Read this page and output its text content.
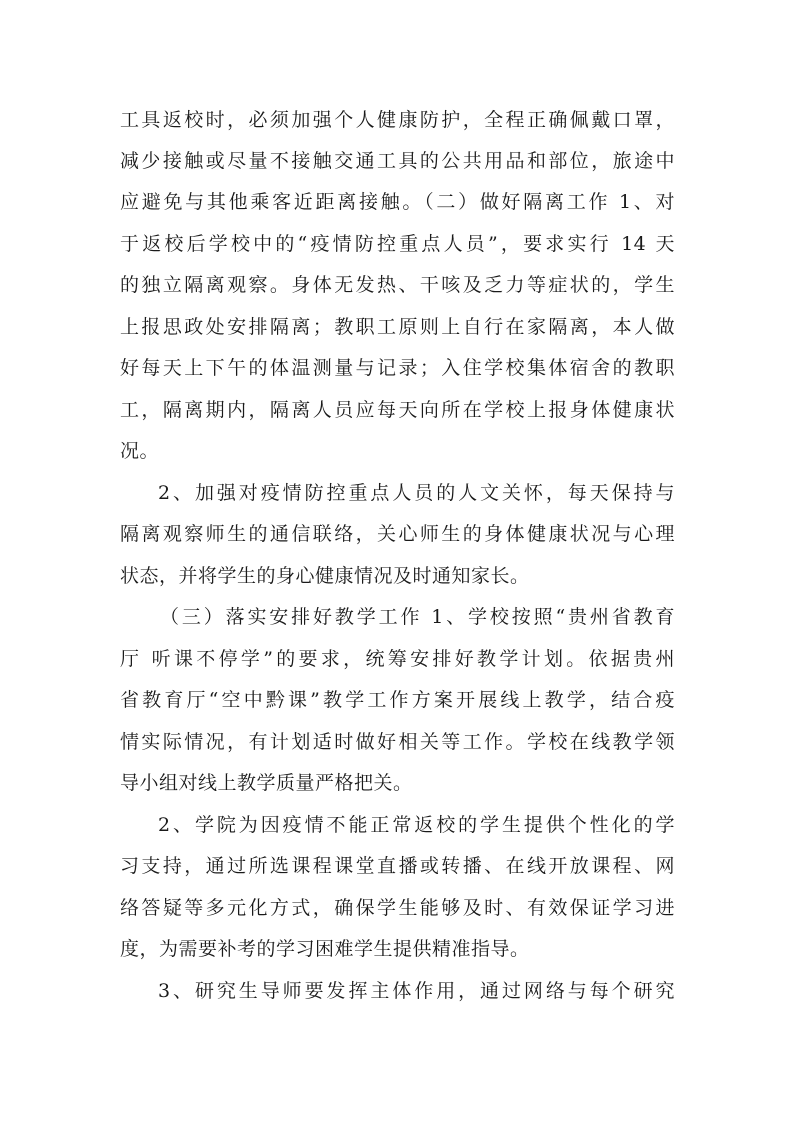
工具返校时，必须加强个人健康防护，全程正确佩戴口罩，
减少接触或尽量不接触交通工具的公共用品和部位，旅途中
应避免与其他乘客近距离接触。（二）做好隔离工作 1、对
于返校后学校中的“疫情防控重点人员”，要求实行 14 天
的独立隔离观察。身体无发热、干咳及乏力等症状的，学生
上报思政处安排隔离；教职工原则上自行在家隔离，本人做
好每天上下午的体温测量与记录；入住学校集体宿舍的教职
工，隔离期内，隔离人员应每天向所在学校上报身体健康状
况。
2、加强对疫情防控重点人员的人文关怀，每天保持与
隔离观察师生的通信联络，关心师生的身体健康状况与心理
状态，并将学生的身心健康情况及时通知家长。
（三）落实安排好教学工作 1、学校按照“贵州省教育
厅 听课不停学”的要求，统筹安排好教学计划。依据贵州
省教育厅“空中黔课”教学工作方案开展线上教学，结合疫
情实际情况，有计划适时做好相关等工作。学校在线教学领
导小组对线上教学质量严格把关。
2、学院为因疫情不能正常返校的学生提供个性化的学
习支持，通过所选课程课堂直播或转播、在线开放课程、网
络答疑等多元化方式，确保学生能够及时、有效保证学习进
度，为需要补考的学习困难学生提供精准指导。
3、研究生导师要发挥主体作用，通过网络与每个研究
